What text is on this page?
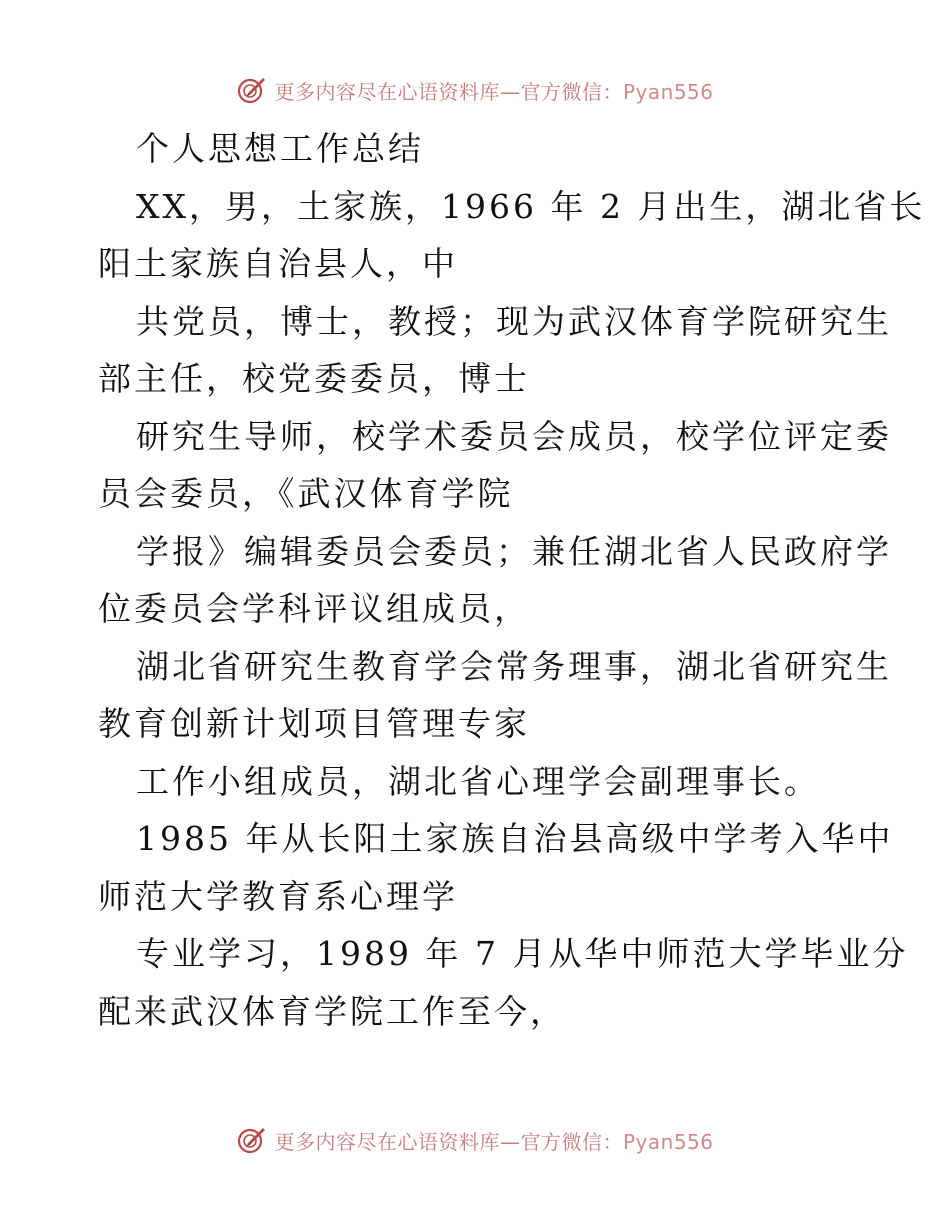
更多内容尽在心语资料库—官方微信：Pyan556
个人思想工作总结
XX，男，土家族，1966 年 2 月出生，湖北省长
阳土家族自治县人，中
共党员，博士，教授；现为武汉体育学院研究生
部主任，校党委委员，博士
研究生导师，校学术委员会成员，校学位评定委
员会委员，《武汉体育学院
学报》编辑委员会委员；兼任湖北省人民政府学
位委员会学科评议组成员，
湖北省研究生教育学会常务理事，湖北省研究生
教育创新计划项目管理专家
工作小组成员，湖北省心理学会副理事长。
1985 年从长阳土家族自治县高级中学考入华中
师范大学教育系心理学
专业学习，1989 年 7 月从华中师范大学毕业分
配来武汉体育学院工作至今，
更多内容尽在心语资料库—官方微信：Pyan556
